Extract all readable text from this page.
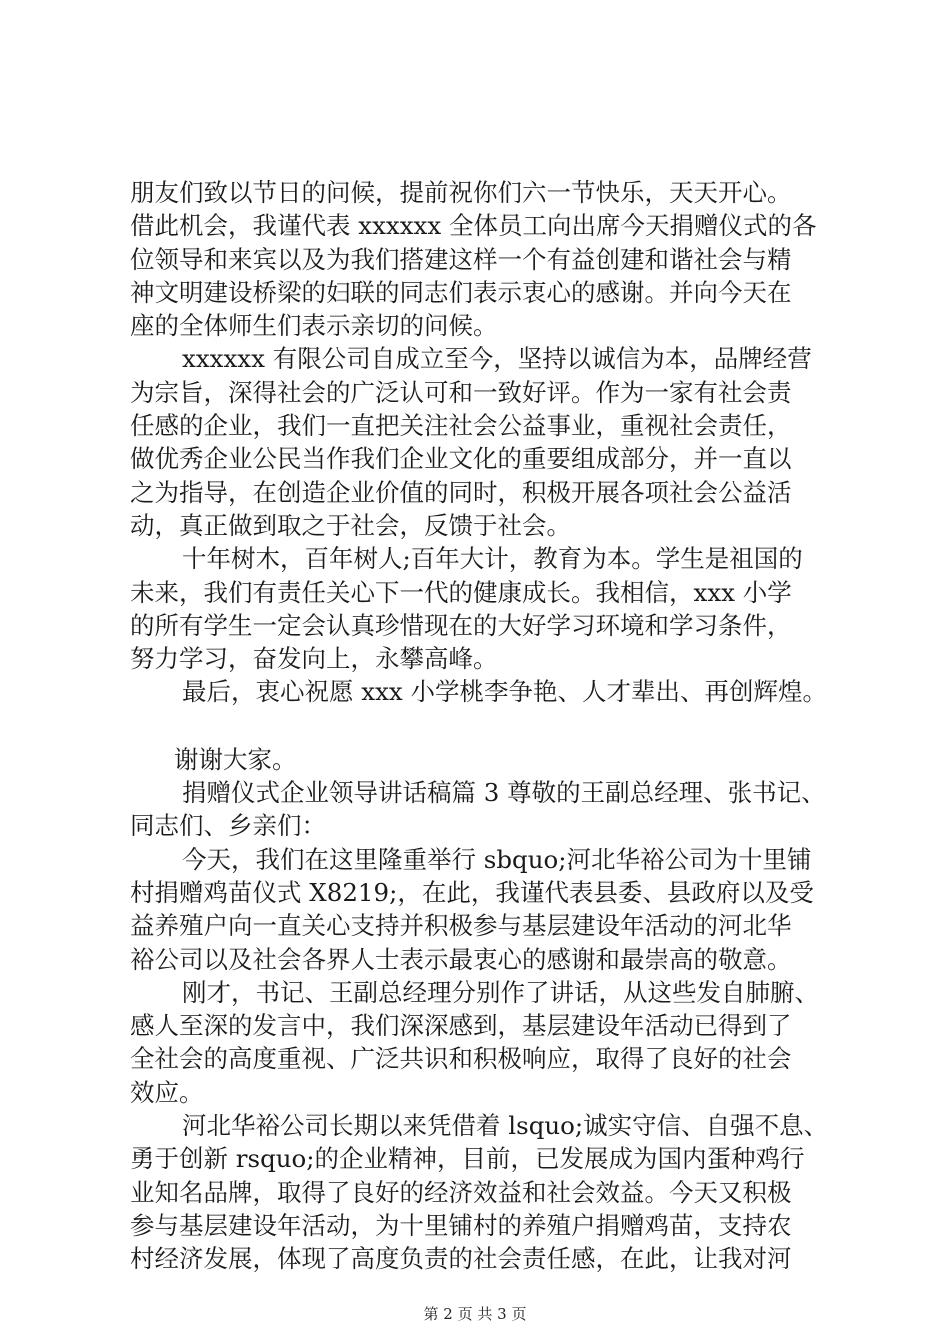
朋友们致以节日的问候，提前祝你们六一节快乐，天天开心。
借此机会，我谨代表 xxxxxx 全体员工向出席今天捐赠仪式的各
位领导和来宾以及为我们搭建这样一个有益创建和谐社会与精
神文明建设桥梁的妇联的同志们表示衷心的感谢。并向今天在
座的全体师生们表示亲切的问候。
xxxxxx 有限公司自成立至今，坚持以诚信为本，品牌经营
为宗旨，深得社会的广泛认可和一致好评。作为一家有社会责
任感的企业，我们一直把关注社会公益事业，重视社会责任，
做优秀企业公民当作我们企业文化的重要组成部分，并一直以
之为指导，在创造企业价值的同时，积极开展各项社会公益活
动，真正做到取之于社会，反馈于社会。
十年树木，百年树人;百年大计，教育为本。学生是祖国的
未来，我们有责任关心下一代的健康成长。我相信，xxx 小学
的所有学生一定会认真珍惜现在的大好学习环境和学习条件，
努力学习，奋发向上，永攀高峰。
最后，衷心祝愿 xxx 小学桃李争艳、人才辈出、再创辉煌。
谢谢大家。
捐赠仪式企业领导讲话稿篇 3 尊敬的王副总经理、张书记、
同志们、乡亲们：
今天，我们在这里隆重举行 sbquo;河北华裕公司为十里铺
村捐赠鸡苗仪式 X8219;，在此，我谨代表县委、县政府以及受
益养殖户向一直关心支持并积极参与基层建设年活动的河北华
裕公司以及社会各界人士表示最衷心的感谢和最崇高的敬意。
刚才，书记、王副总经理分别作了讲话，从这些发自肺腑、
感人至深的发言中，我们深深感到，基层建设年活动已得到了
全社会的高度重视、广泛共识和积极响应，取得了良好的社会
效应。
河北华裕公司长期以来凭借着 lsquo;诚实守信、自强不息、
勇于创新 rsquo;的企业精神，目前，已发展成为国内蛋种鸡行
业知名品牌，取得了良好的经济效益和社会效益。今天又积极
参与基层建设年活动，为十里铺村的养殖户捐赠鸡苗，支持农
村经济发展，体现了高度负责的社会责任感，在此，让我对河
第 2 页 共 3 页
